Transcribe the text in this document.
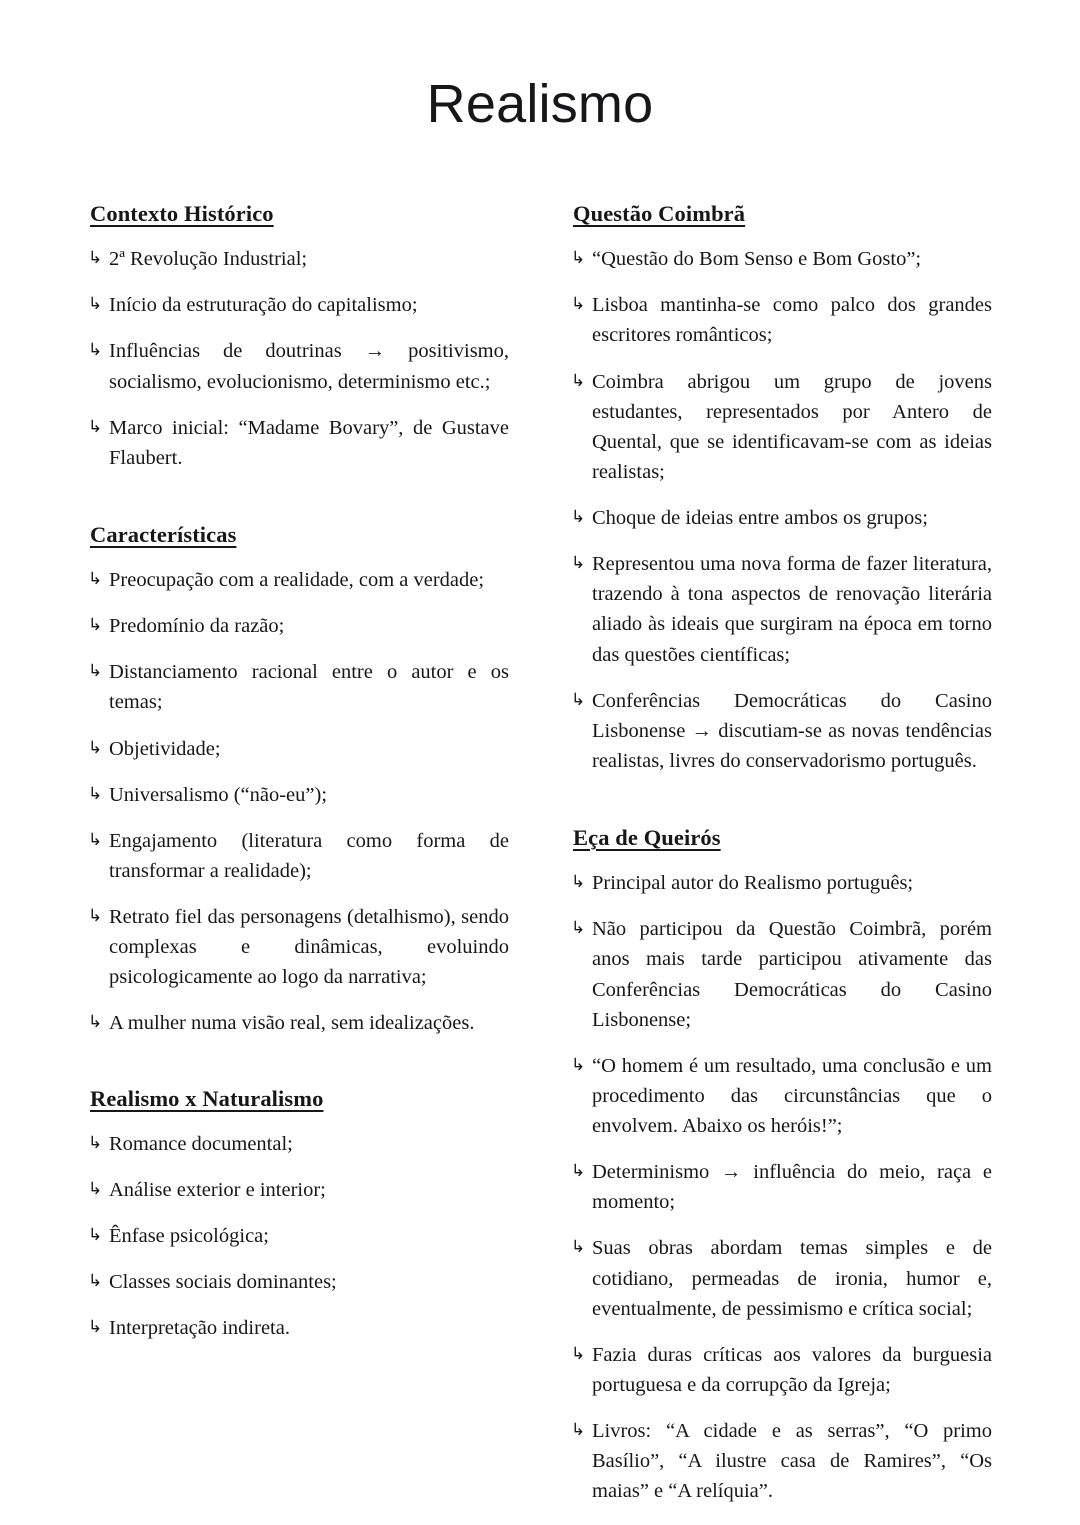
Realismo
Contexto Histórico
↳ 2ª Revolução Industrial;
↳ Início da estruturação do capitalismo;
↳ Influências de doutrinas → positivismo, socialismo, evolucionismo, determinismo etc.;
↳ Marco inicial: “Madame Bovary”, de Gustave Flaubert.
Características
↳ Preocupação com a realidade, com a verdade;
↳ Predomínio da razão;
↳ Distanciamento racional entre o autor e os temas;
↳ Objetividade;
↳ Universalismo (“não-eu”);
↳ Engajamento (literatura como forma de transformar a realidade);
↳ Retrato fiel das personagens (detalhismo), sendo complexas e dinâmicas, evoluindo psicologicamente ao logo da narrativa;
↳ A mulher numa visão real, sem idealizações.
Realismo x Naturalismo
↳ Romance documental;
↳ Análise exterior e interior;
↳ Ênfase psicológica;
↳ Classes sociais dominantes;
↳ Interpretação indireta.
Questão Coimbrã
↳ “Questão do Bom Senso e Bom Gosto”;
↳ Lisboa mantinha-se como palco dos grandes escritores românticos;
↳ Coimbra abrigou um grupo de jovens estudantes, representados por Antero de Quental, que se identificavam-se com as ideias realistas;
↳ Choque de ideias entre ambos os grupos;
↳ Representou uma nova forma de fazer literatura, trazendo à tona aspectos de renovação literária aliado às ideais que surgiram na época em torno das questões científicas;
↳ Conferências Democráticas do Casino Lisbonense → discutiam-se as novas tendências realistas, livres do conservadorismo português.
Eça de Queirós
↳ Principal autor do Realismo português;
↳ Não participou da Questão Coimbrã, porém anos mais tarde participou ativamente das Conferências Democráticas do Casino Lisbonense;
↳ “O homem é um resultado, uma conclusão e um procedimento das circunstâncias que o envolvem. Abaixo os heróis!”;
↳ Determinismo → influência do meio, raça e momento;
↳ Suas obras abordam temas simples e de cotidiano, permeadas de ironia, humor e, eventualmente, de pessimismo e crítica social;
↳ Fazia duras críticas aos valores da burguesia portuguesa e da corrupção da Igreja;
↳ Livros: “A cidade e as serras”, “O primo Basílio”, “A ilustre casa de Ramires”, “Os maias” e “A relíquia”.
